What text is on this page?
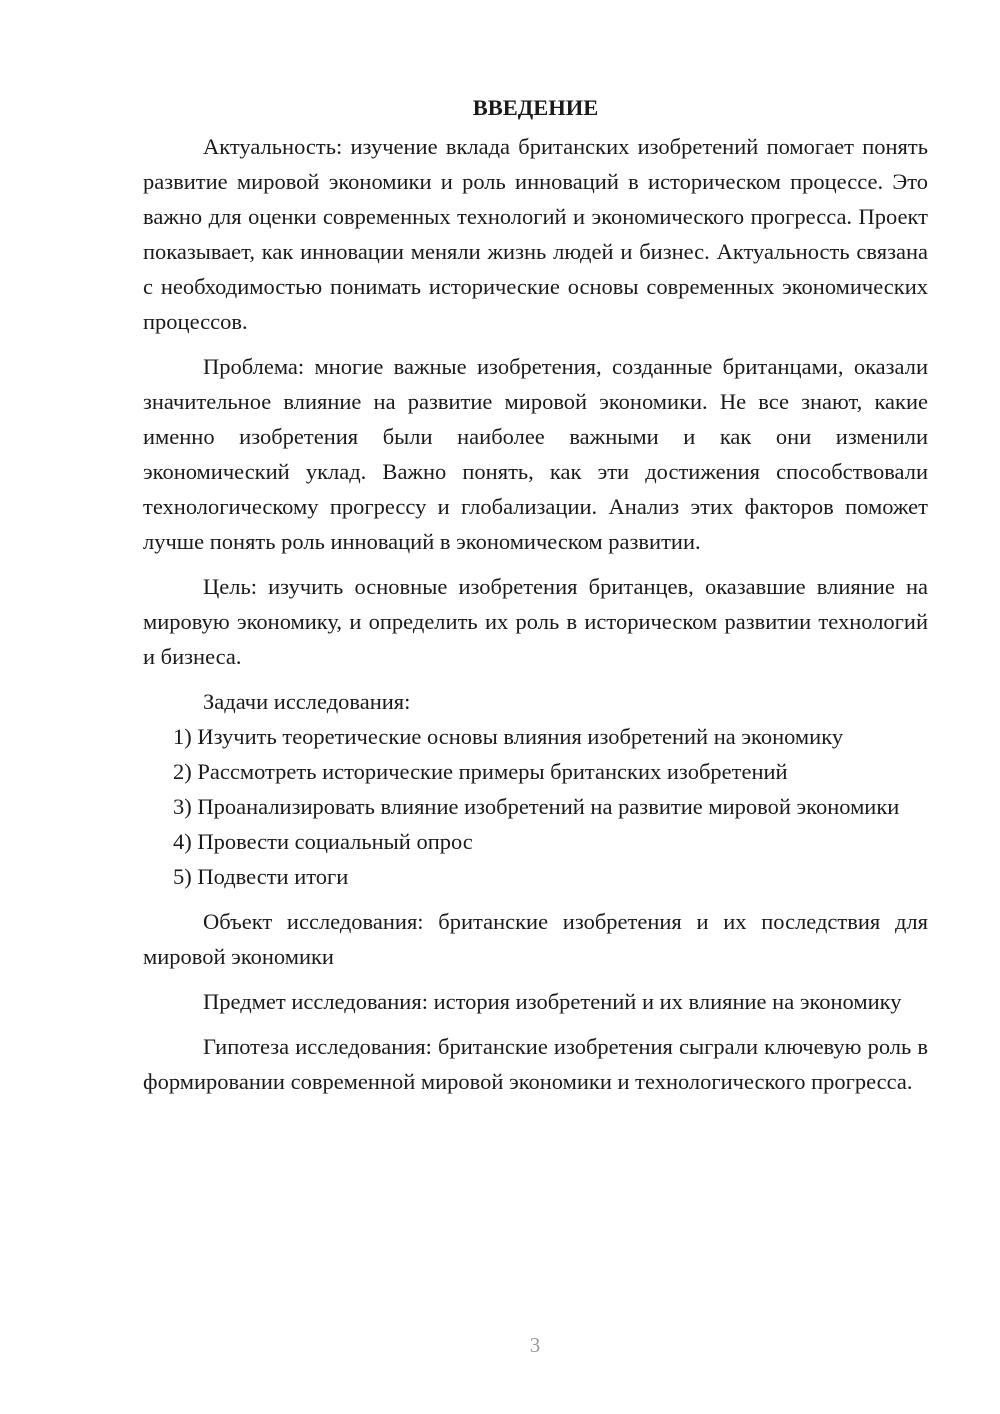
ВВЕДЕНИЕ

Актуальность: изучение вклада британских изобретений помогает понять развитие мировой экономики и роль инноваций в историческом процессе. Это важно для оценки современных технологий и экономического прогресса. Проект показывает, как инновации меняли жизнь людей и бизнес. Актуальность связана с необходимостью понимать исторические основы современных экономических процессов.

Проблема: многие важные изобретения, созданные британцами, оказали значительное влияние на развитие мировой экономики. Не все знают, какие именно изобретения были наиболее важными и как они изменили экономический уклад. Важно понять, как эти достижения способствовали технологическому прогрессу и глобализации. Анализ этих факторов поможет лучше понять роль инноваций в экономическом развитии.

Цель: изучить основные изобретения британцев, оказавшие влияние на мировую экономику, и определить их роль в историческом развитии технологий и бизнеса.

Задачи исследования:

1) Изучить теоретические основы влияния изобретений на экономику

2) Рассмотреть исторические примеры британских изобретений

3) Проанализировать влияние изобретений на развитие мировой экономики

4) Провести социальный опрос

5) Подвести итоги

Объект исследования: британские изобретения и их последствия для мировой экономики

Предмет исследования: история изобретений и их влияние на экономику

Гипотеза исследования: британские изобретения сыграли ключевую роль в формировании современной мировой экономики и технологического прогресса.

3
